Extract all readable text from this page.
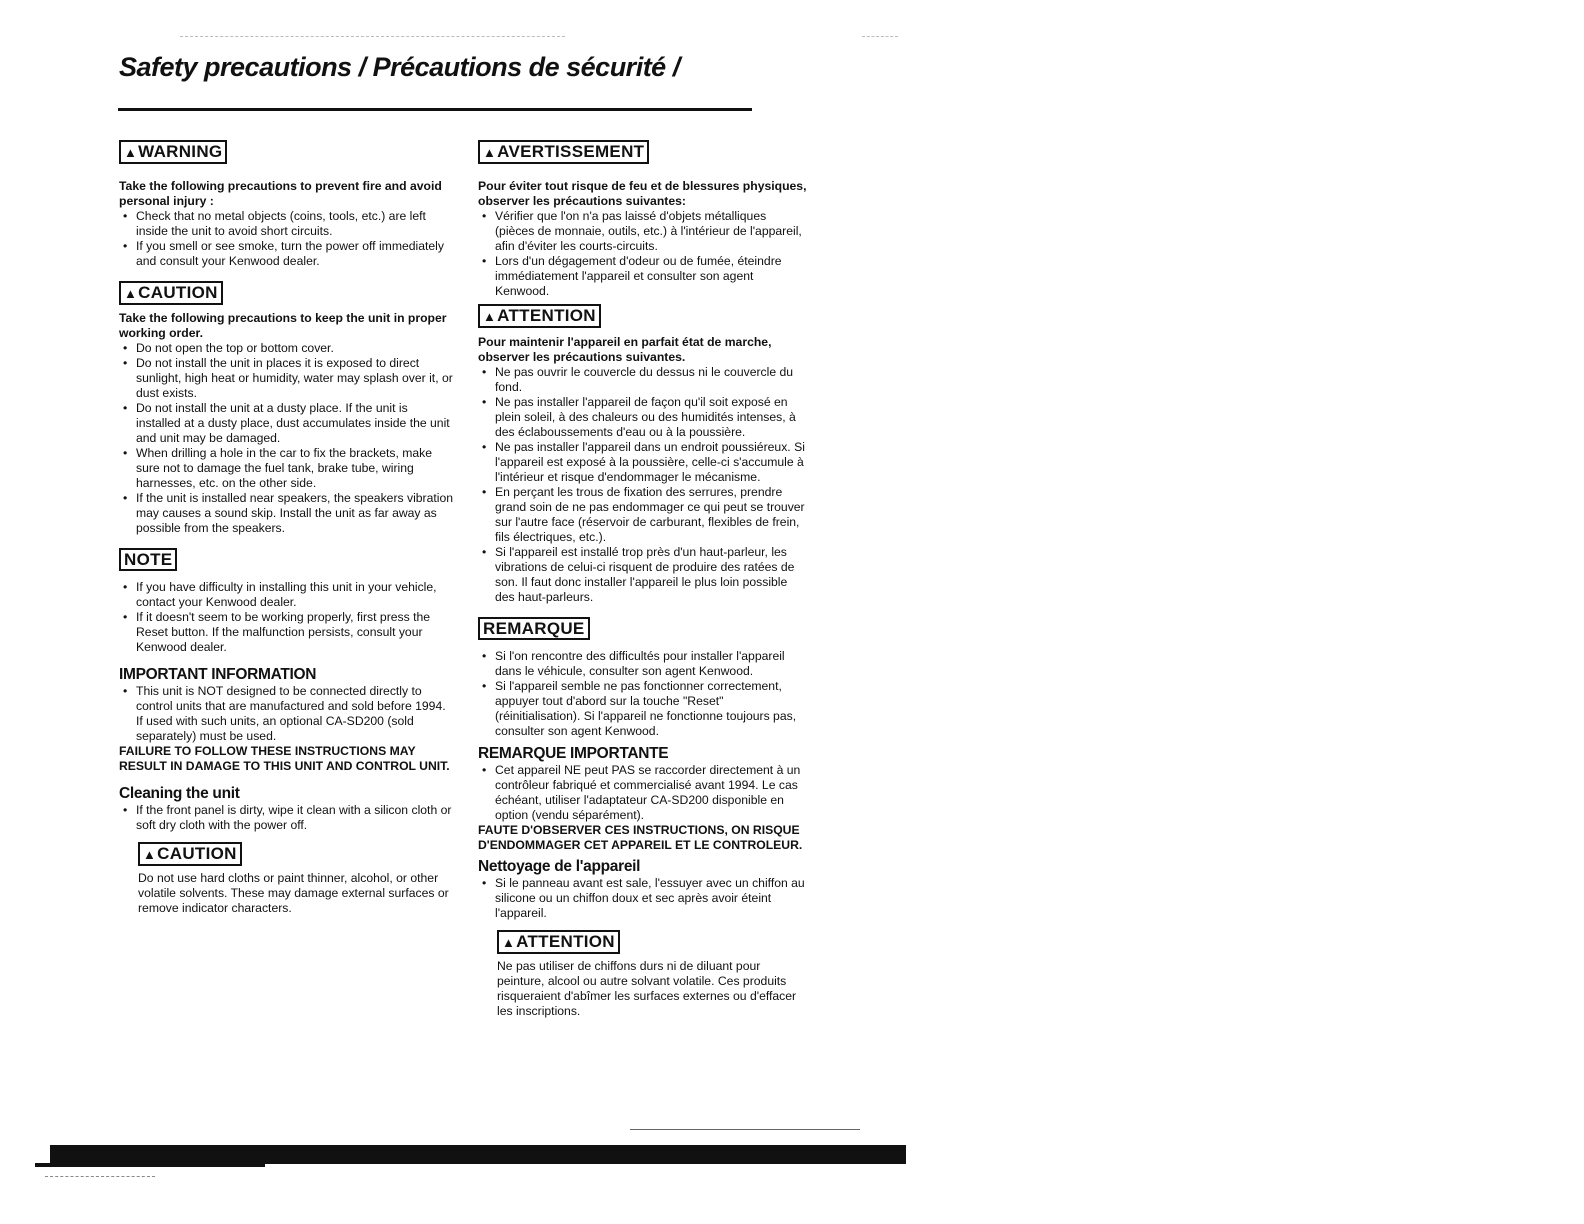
Safety precautions / Précautions de sécurité /
▲WARNING

Take the following precautions to prevent fire and avoid personal injury :

• Check that no metal objects (coins, tools, etc.) are left inside the unit to avoid short circuits.
• If you smell or see smoke, turn the power off immediately and consult your Kenwood dealer.
▲CAUTION

Take the following precautions to keep the unit in proper working order.

• Do not open the top or bottom cover.
• Do not install the unit in places it is exposed to direct sunlight, high heat or humidity, water may splash over it, or dust exists.
• Do not install the unit at a dusty place. If the unit is installed at a dusty place, dust accumulates inside the unit and unit may be damaged.
• When drilling a hole in the car to fix the brackets, make sure not to damage the fuel tank, brake tube, wiring harnesses, etc. on the other side.
• If the unit is installed near speakers, the speakers vibration may causes a sound skip. Install the unit as far away as possible from the speakers.
NOTE
• If you have difficulty in installing this unit in your vehicle, contact your Kenwood dealer.
• If it doesn't seem to be working properly, first press the Reset button. If the malfunction persists, consult your Kenwood dealer.

IMPORTANT INFORMATION

• This unit is NOT designed to be connected directly to control units that are manufactured and sold before 1994. If used with such units, an optional CA-SD200 (sold separately) must be used.

FAILURE TO FOLLOW THESE INSTRUCTIONS MAY RESULT IN DAMAGE TO THIS UNIT AND CONTROL UNIT.

Cleaning the unit

• If the front panel is dirty, wipe it clean with a silicon cloth or soft dry cloth with the power off.
▲CAUTION

Do not use hard cloths or paint thinner, alcohol, or other volatile solvents. These may damage external surfaces or remove indicator characters.

▲AVERTISSEMENT

Pour éviter tout risque de feu et de blessures physiques, observer les précautions suivantes:

• Vérifier que l'on n'a pas laissé d'objets métalliques (pièces de monnaie, outils, etc.) à l'intérieur de l'appareil, afin d'éviter les courts-circuits.
• Lors d'un dégagement d'odeur ou de fumée, éteindre immédiatement l'appareil et consulter son agent Kenwood.
▲ATTENTION

Pour maintenir l'appareil en parfait état de marche, observer les précautions suivantes.

• Ne pas ouvrir le couvercle du dessus ni le couvercle du fond.
• Ne pas installer l'appareil de façon qu'il soit exposé en plein soleil, à des chaleurs ou des humidités intenses, à des éclaboussements d'eau ou à la poussière.
• Ne pas installer l'appareil dans un endroit poussiéreux. Si l'appareil est exposé à la poussière, celle-ci s'accumule à l'intérieur et risque d'endommager le mécanisme.
• En perçant les trous de fixation des serrures, prendre grand soin de ne pas endommager ce qui peut se trouver sur l'autre face (réservoir de carburant, flexibles de frein, fils électriques, etc.).
• Si l'appareil est installé trop près d'un haut-parleur, les vibrations de celui-ci risquent de produire des ratées de son. Il faut donc installer l'appareil le plus loin possible des haut-parleurs.
REMARQUE
• Si l'on rencontre des difficultés pour installer l'appareil dans le véhicule, consulter son agent Kenwood.
• Si l'appareil semble ne pas fonctionner correctement, appuyer tout d'abord sur la touche "Reset" (réinitialisation). Si l'appareil ne fonctionne toujours pas, consulter son agent Kenwood.

REMARQUE IMPORTANTE

• Cet appareil NE peut PAS se raccorder directement à un contrôleur fabriqué et commercialisé avant 1994. Le cas échéant, utiliser l'adaptateur CA-SD200 disponible en option (vendu séparément).

FAUTE D'OBSERVER CES INSTRUCTIONS, ON RISQUE D'ENDOMMAGER CET APPAREIL ET LE CONTROLEUR.

Nettoyage de l'appareil

• Si le panneau avant est sale, l'essuyer avec un chiffon au silicone ou un chiffon doux et sec après avoir éteint l'appareil.
▲ATTENTION

Ne pas utiliser de chiffons durs ni de diluant pour peinture, alcool ou autre solvant volatile. Ces produits risqueraient d'abîmer les surfaces externes ou d'effacer les inscriptions.
